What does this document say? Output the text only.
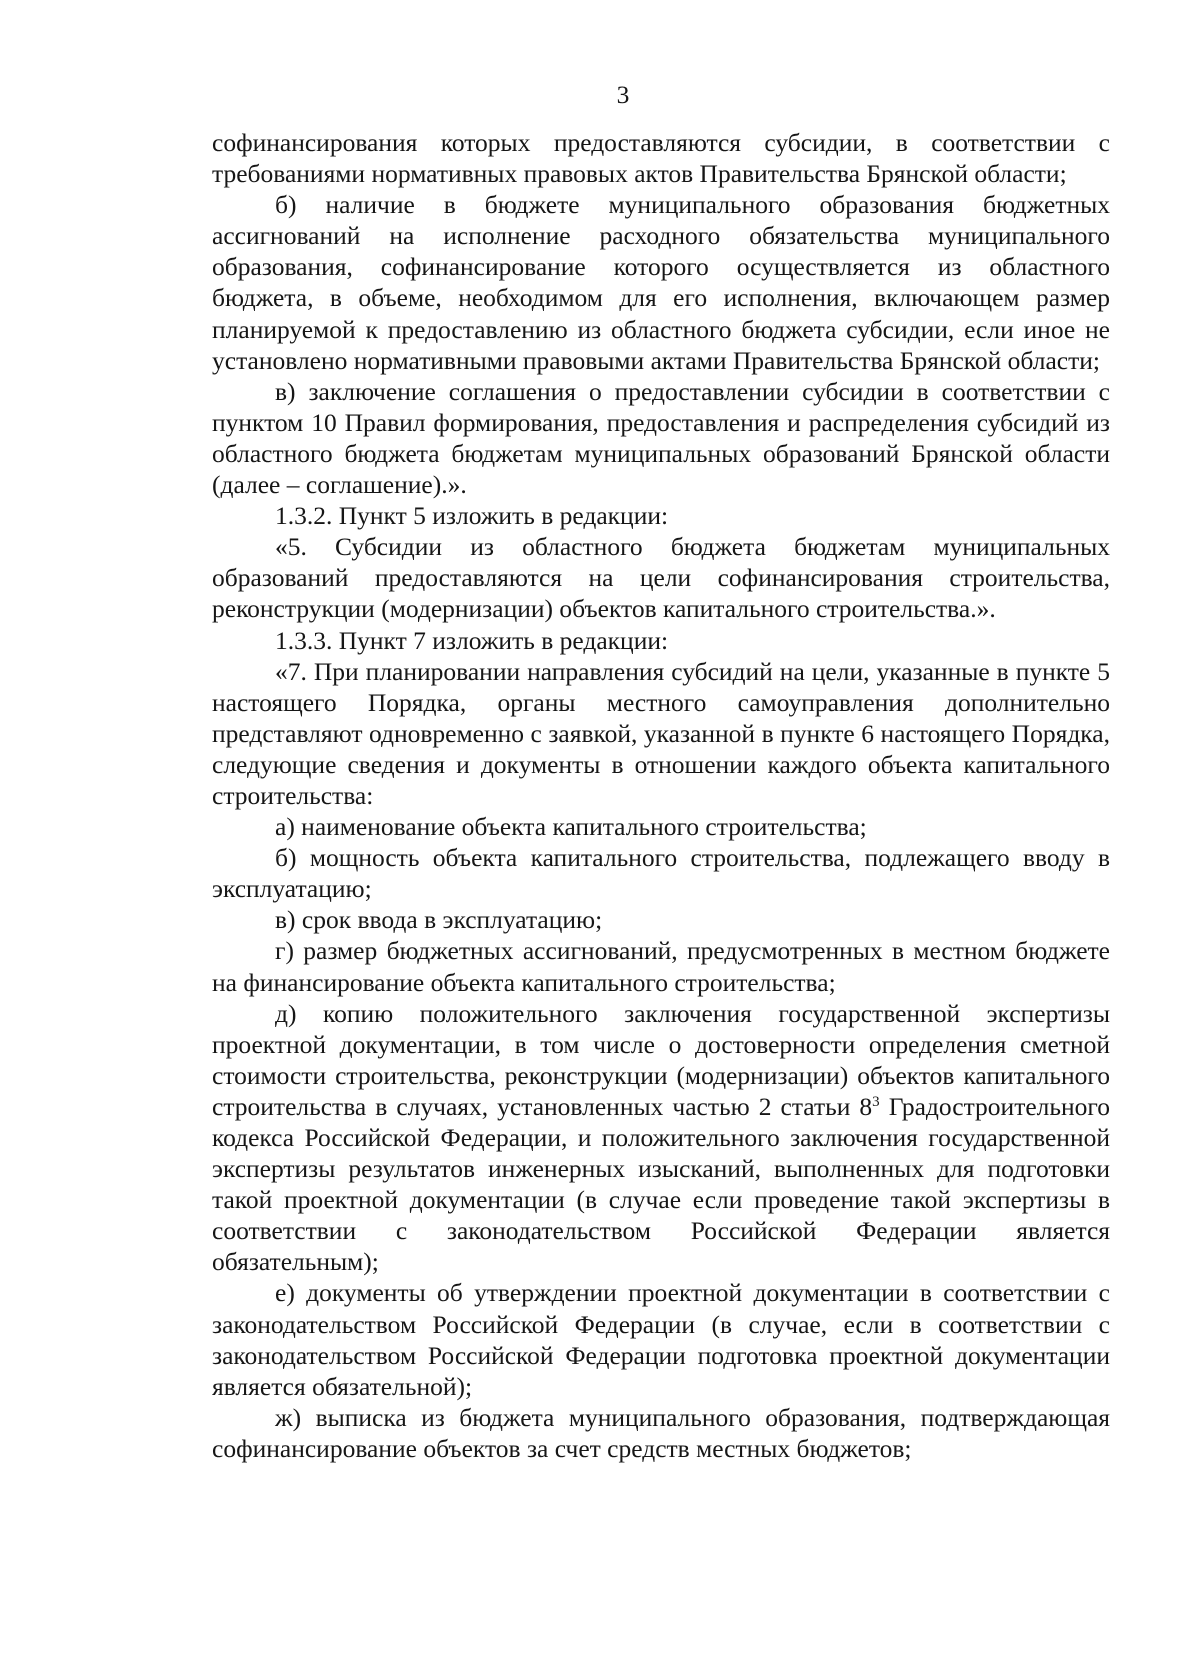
3

софинансирования которых предоставляются субсидии, в соответствии с требованиями нормативных правовых актов Правительства Брянской области;

б) наличие в бюджете муниципального образования бюджетных ассигнований на исполнение расходного обязательства муниципального образования, софинансирование которого осуществляется из областного бюджета, в объеме, необходимом для его исполнения, включающем размер планируемой к предоставлению из областного бюджета субсидии, если иное не установлено нормативными правовыми актами Правительства Брянской области;

в) заключение соглашения о предоставлении субсидии в соответствии с пунктом 10 Правил формирования, предоставления и распределения субсидий из областного бюджета бюджетам муниципальных образований Брянской области (далее – соглашение).».

1.3.2. Пункт 5 изложить в редакции:

«5. Субсидии из областного бюджета бюджетам муниципальных образований предоставляются на цели софинансирования строительства, реконструкции (модернизации) объектов капитального строительства.».

1.3.3. Пункт 7 изложить в редакции:

«7. При планировании направления субсидий на цели, указанные в пункте 5 настоящего Порядка, органы местного самоуправления дополнительно представляют одновременно с заявкой, указанной в пункте 6 настоящего Порядка, следующие сведения и документы в отношении каждого объекта капитального строительства:

а) наименование объекта капитального строительства;

б) мощность объекта капитального строительства, подлежащего вводу в эксплуатацию;

в) срок ввода в эксплуатацию;

г) размер бюджетных ассигнований, предусмотренных в местном бюджете на финансирование объекта капитального строительства;

д) копию положительного заключения государственной экспертизы проектной документации, в том числе о достоверности определения сметной стоимости строительства, реконструкции (модернизации) объектов капитального строительства в случаях, установленных частью 2 статьи $8^3$ Градостроительного кодекса Российской Федерации, и положительного заключения государственной экспертизы результатов инженерных изысканий, выполненных для подготовки такой проектной документации (в случае если проведение такой экспертизы в соответствии с законодательством Российской Федерации является обязательным);

е) документы об утверждении проектной документации в соответствии с законодательством Российской Федерации (в случае, если в соответствии с законодательством Российской Федерации подготовка проектной документации является обязательной);

ж) выписка из бюджета муниципального образования, подтверждающая софинансирование объектов за счет средств местных бюджетов;
